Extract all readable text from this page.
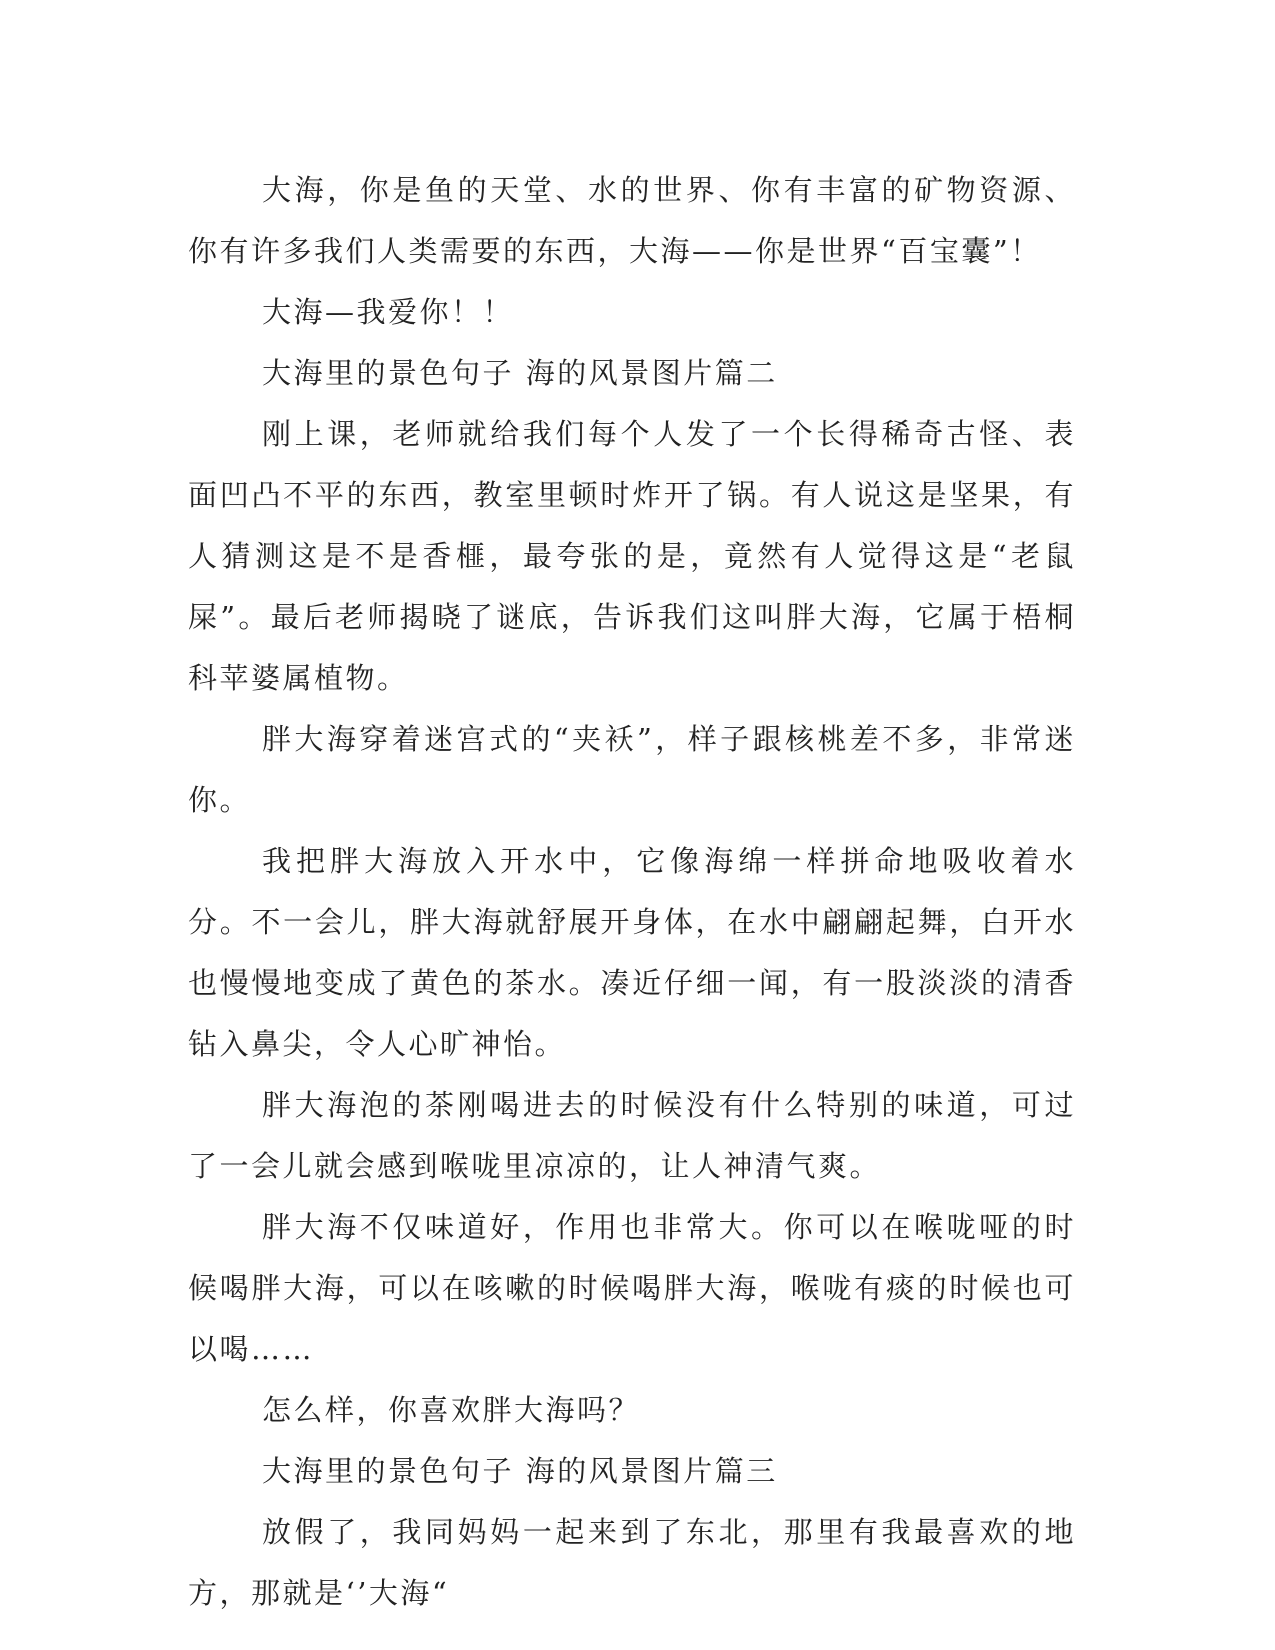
大海，你是鱼的天堂、水的世界、你有丰富的矿物资源、你有许多我们人类需要的东西，大海——你是世界“百宝囊”！

大海—我爱你！！

大海里的景色句子 海的风景图片篇二

刚上课，老师就给我们每个人发了一个长得稀奇古怪、表面凹凸不平的东西，教室里顿时炸开了锅。有人说这是坚果，有人猜测这是不是香榧，最夸张的是，竟然有人觉得这是“老鼠屎”。最后老师揭晓了谜底，告诉我们这叫胖大海，它属于梧桐科苹婆属植物。

胖大海穿着迷宫式的“夹袄”，样子跟核桃差不多，非常迷你。

我把胖大海放入开水中，它像海绵一样拼命地吸收着水分。不一会儿，胖大海就舒展开身体，在水中翩翩起舞，白开水也慢慢地变成了黄色的茶水。凑近仔细一闻，有一股淡淡的清香钻入鼻尖，令人心旷神怡。

胖大海泡的茶刚喝进去的时候没有什么特别的味道，可过了一会儿就会感到喉咙里凉凉的，让人神清气爽。

胖大海不仅味道好，作用也非常大。你可以在喉咙哑的时候喝胖大海，可以在咳嗽的时候喝胖大海，喉咙有痰的时候也可以喝……

怎么样，你喜欢胖大海吗？

大海里的景色句子 海的风景图片篇三

放假了，我同妈妈一起来到了东北，那里有我最喜欢的地方，那就是‘’大海“
